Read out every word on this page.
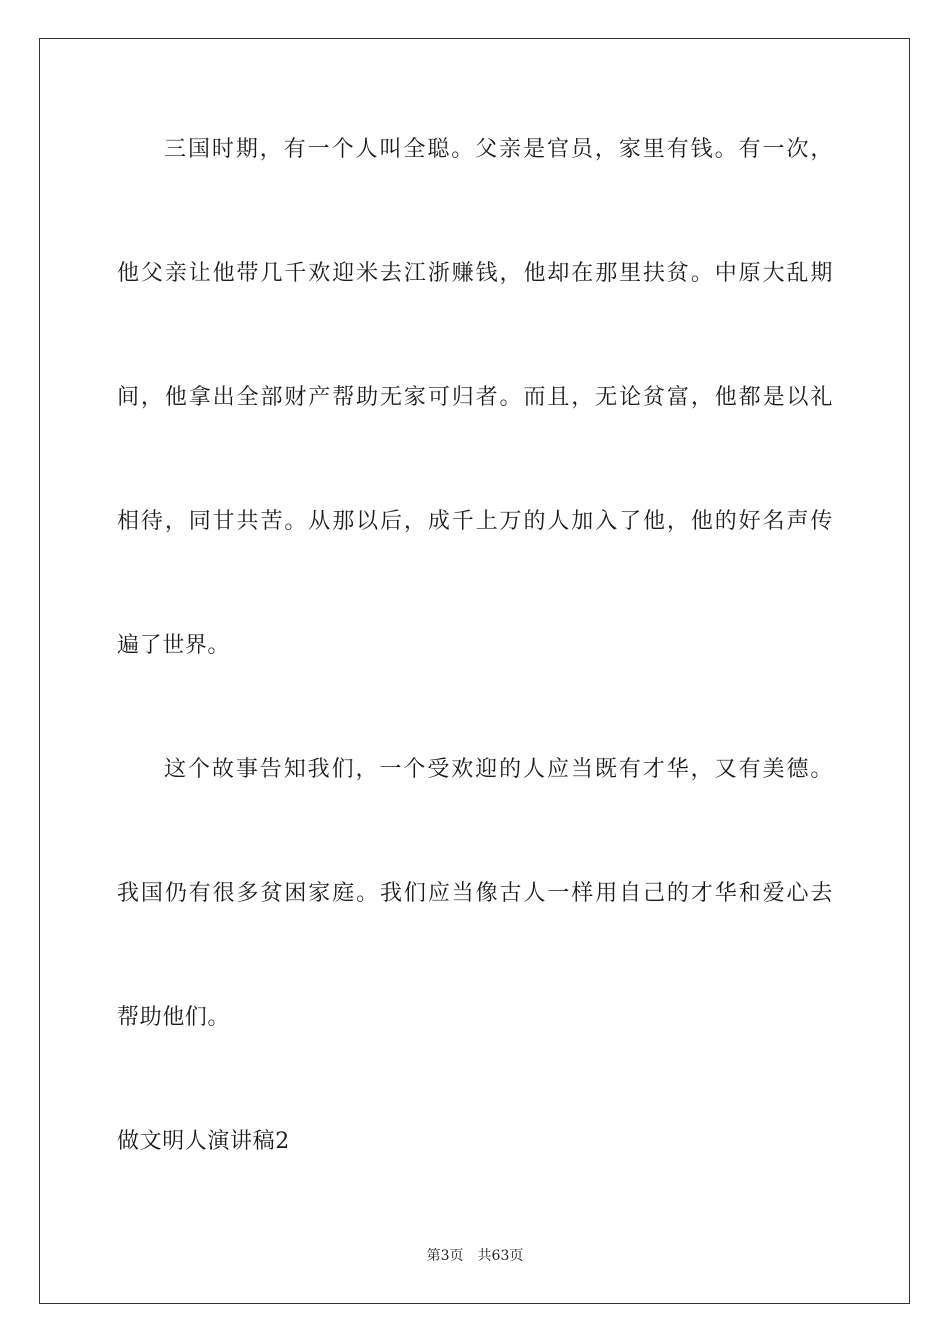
三国时期，有一个人叫全聪。父亲是官员，家里有钱。有一次，
他父亲让他带几千欢迎米去江浙赚钱，他却在那里扶贫。中原大乱期
间，他拿出全部财产帮助无家可归者。而且，无论贫富，他都是以礼
相待，同甘共苦。从那以后，成千上万的人加入了他，他的好名声传
遍了世界。
这个故事告知我们，一个受欢迎的人应当既有才华，又有美德。
我国仍有很多贫困家庭。我们应当像古人一样用自己的才华和爱心去
帮助他们。
做文明人演讲稿2
第3页 共63页
